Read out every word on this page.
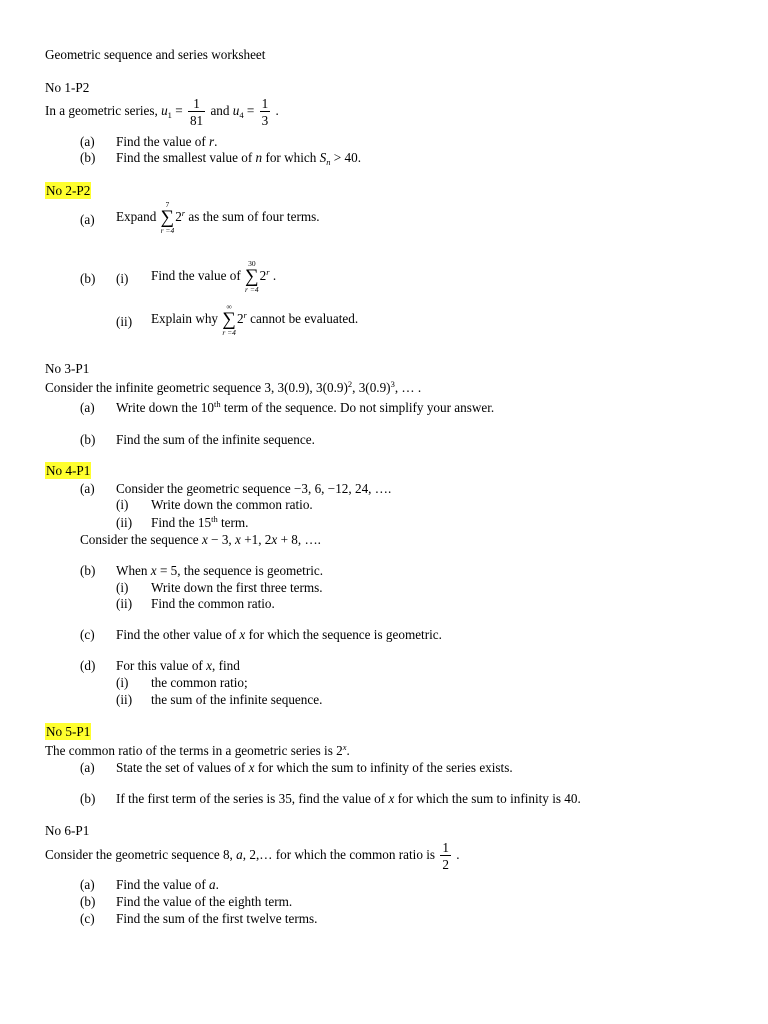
Geometric sequence and series worksheet
No 1-P2
In a geometric series, $u_1 = \frac{1}{81}$ and $u_4 = \frac{1}{3}$ .
(a) Find the value of r.
(b) Find the smallest value of n for which $S_n > 40$.
No 2-P2
(a) Expand
7
∑
r =4
2$^r$ as the sum of four terms.
(b) (i) Find the value of
30
∑
r =4
2$^r$ .
(ii) Explain why
∞
∑
r =4
2$^r$ cannot be evaluated.
No 3-P1
Consider the infinite geometric sequence 3, 3(0.9), $3(0.9)^2$, $3(0.9)^3$, … .
(a) Write down the 10th term of the sequence. Do not simplify your answer.
(b) Find the sum of the infinite sequence.
No 4-P1
(a) Consider the geometric sequence −3, 6, −12, 24, ….
(i) Write down the common ratio.
(ii) Find the 15th term.
Consider the sequence x − 3, x +1, 2x + 8, ….
(b) When x = 5, the sequence is geometric.
(i) Write down the first three terms.
(ii) Find the common ratio.
(c) Find the other value of x for which the sequence is geometric.
(d) For this value of x, find
(i) the common ratio;
(ii) the sum of the infinite sequence.
No 5-P1
The common ratio of the terms in a geometric series is 2$^x$.
(a) State the set of values of x for which the sum to infinity of the series exists.
(b) If the first term of the series is 35, find the value of x for which the sum to infinity is 40.
No 6-P1
Consider the geometric sequence 8, a, 2,… for which the common ratio is $\frac{1}{2}$ .
(a) Find the value of a.
(b) Find the value of the eighth term.
(c) Find the sum of the first twelve terms.
